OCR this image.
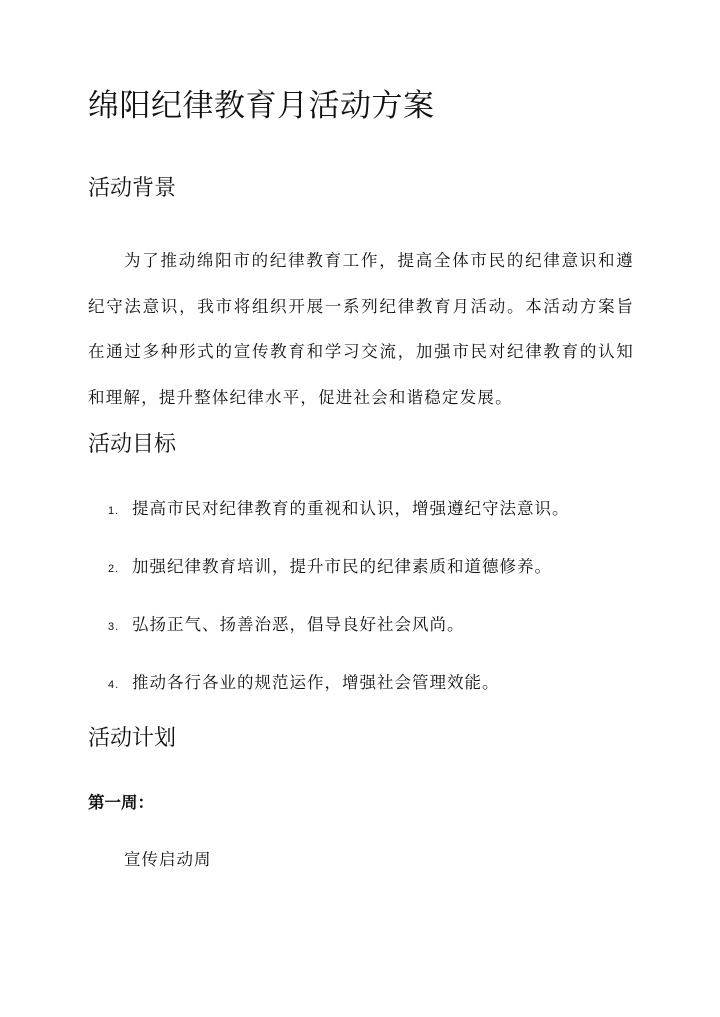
绵阳纪律教育月活动方案
活动背景

为了推动绵阳市的纪律教育工作，提高全体市民的纪律意识和遵纪守法意识，我市将组织开展一系列纪律教育月活动。本活动方案旨在通过多种形式的宣传教育和学习交流，加强市民对纪律教育的认知和理解，提升整体纪律水平，促进社会和谐稳定发展。

活动目标
1. 提高市民对纪律教育的重视和认识，增强遵纪守法意识。
2. 加强纪律教育培训，提升市民的纪律素质和道德修养。
3. 弘扬正气、扬善治恶，倡导良好社会风尚。
4. 推动各行各业的规范运作，增强社会管理效能。
活动计划

第一周：

宣传启动周
